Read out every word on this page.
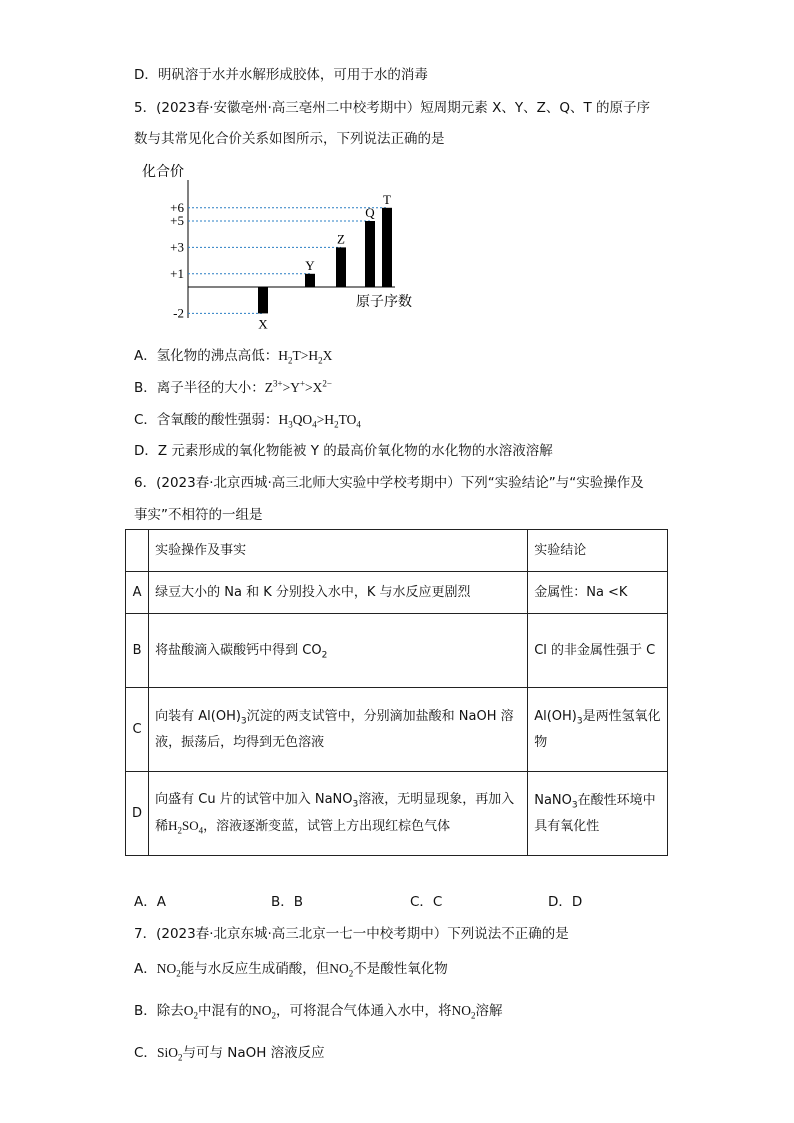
D．明矾溶于水并水解形成胶体，可用于水的消毒
5．(2023春·安徽亳州·高三亳州二中校考期中）短周期元素 X、Y、Z、Q、T 的原子序
数与其常见化合价关系如图所示，下列说法正确的是
化合价
原子序数
+6
+5
+3
+1
-2
X
Y
Z
Q
T
A．氢化物的沸点高低：$H_2T>H_2X$
B．离子半径的大小：$Z^{3+}>Y^+>X^{2-}$
C．含氧酸的酸性强弱：$H_3QO_4>H_2TO_4$
D．Z 元素形成的氧化物能被 Y 的最高价氧化物的水化物的水溶液溶解
6．(2023春·北京西城·高三北师大实验中学校考期中）下列“实验结论”与“实验操作及
事实”不相符的一组是
	实验操作及事实	实验结论
A	绿豆大小的 Na 和 K 分别投入水中，K 与水反应更剧烈	金属性：Na <K
B	将盐酸滴入碳酸钙中得到 $CO_2$	Cl 的非金属性强于 C
C	向装有 $Al(OH)_3$沉淀的两支试管中，分别滴加盐酸和 NaOH 溶液，振荡后，均得到无色溶液	$Al(OH)_3$是两性氢氧化物
D	向盛有 Cu 片的试管中加入 NaNO$_3$溶液，无明显现象，再加入稀$H_2SO_4$，溶液逐渐变蓝，试管上方出现红棕色气体	NaNO$_3$在酸性环境中具有氧化性
A．A	B．B	C．C	D．D
7．(2023春·北京东城·高三北京一七一中校考期中）下列说法不正确的是
A．$NO_2$能与水反应生成硝酸，但$NO_2$不是酸性氧化物
B．除去$O_2$中混有的$NO_2$，可将混合气体通入水中，将$NO_2$溶解
C．SiO$_2$与可与 NaOH 溶液反应
